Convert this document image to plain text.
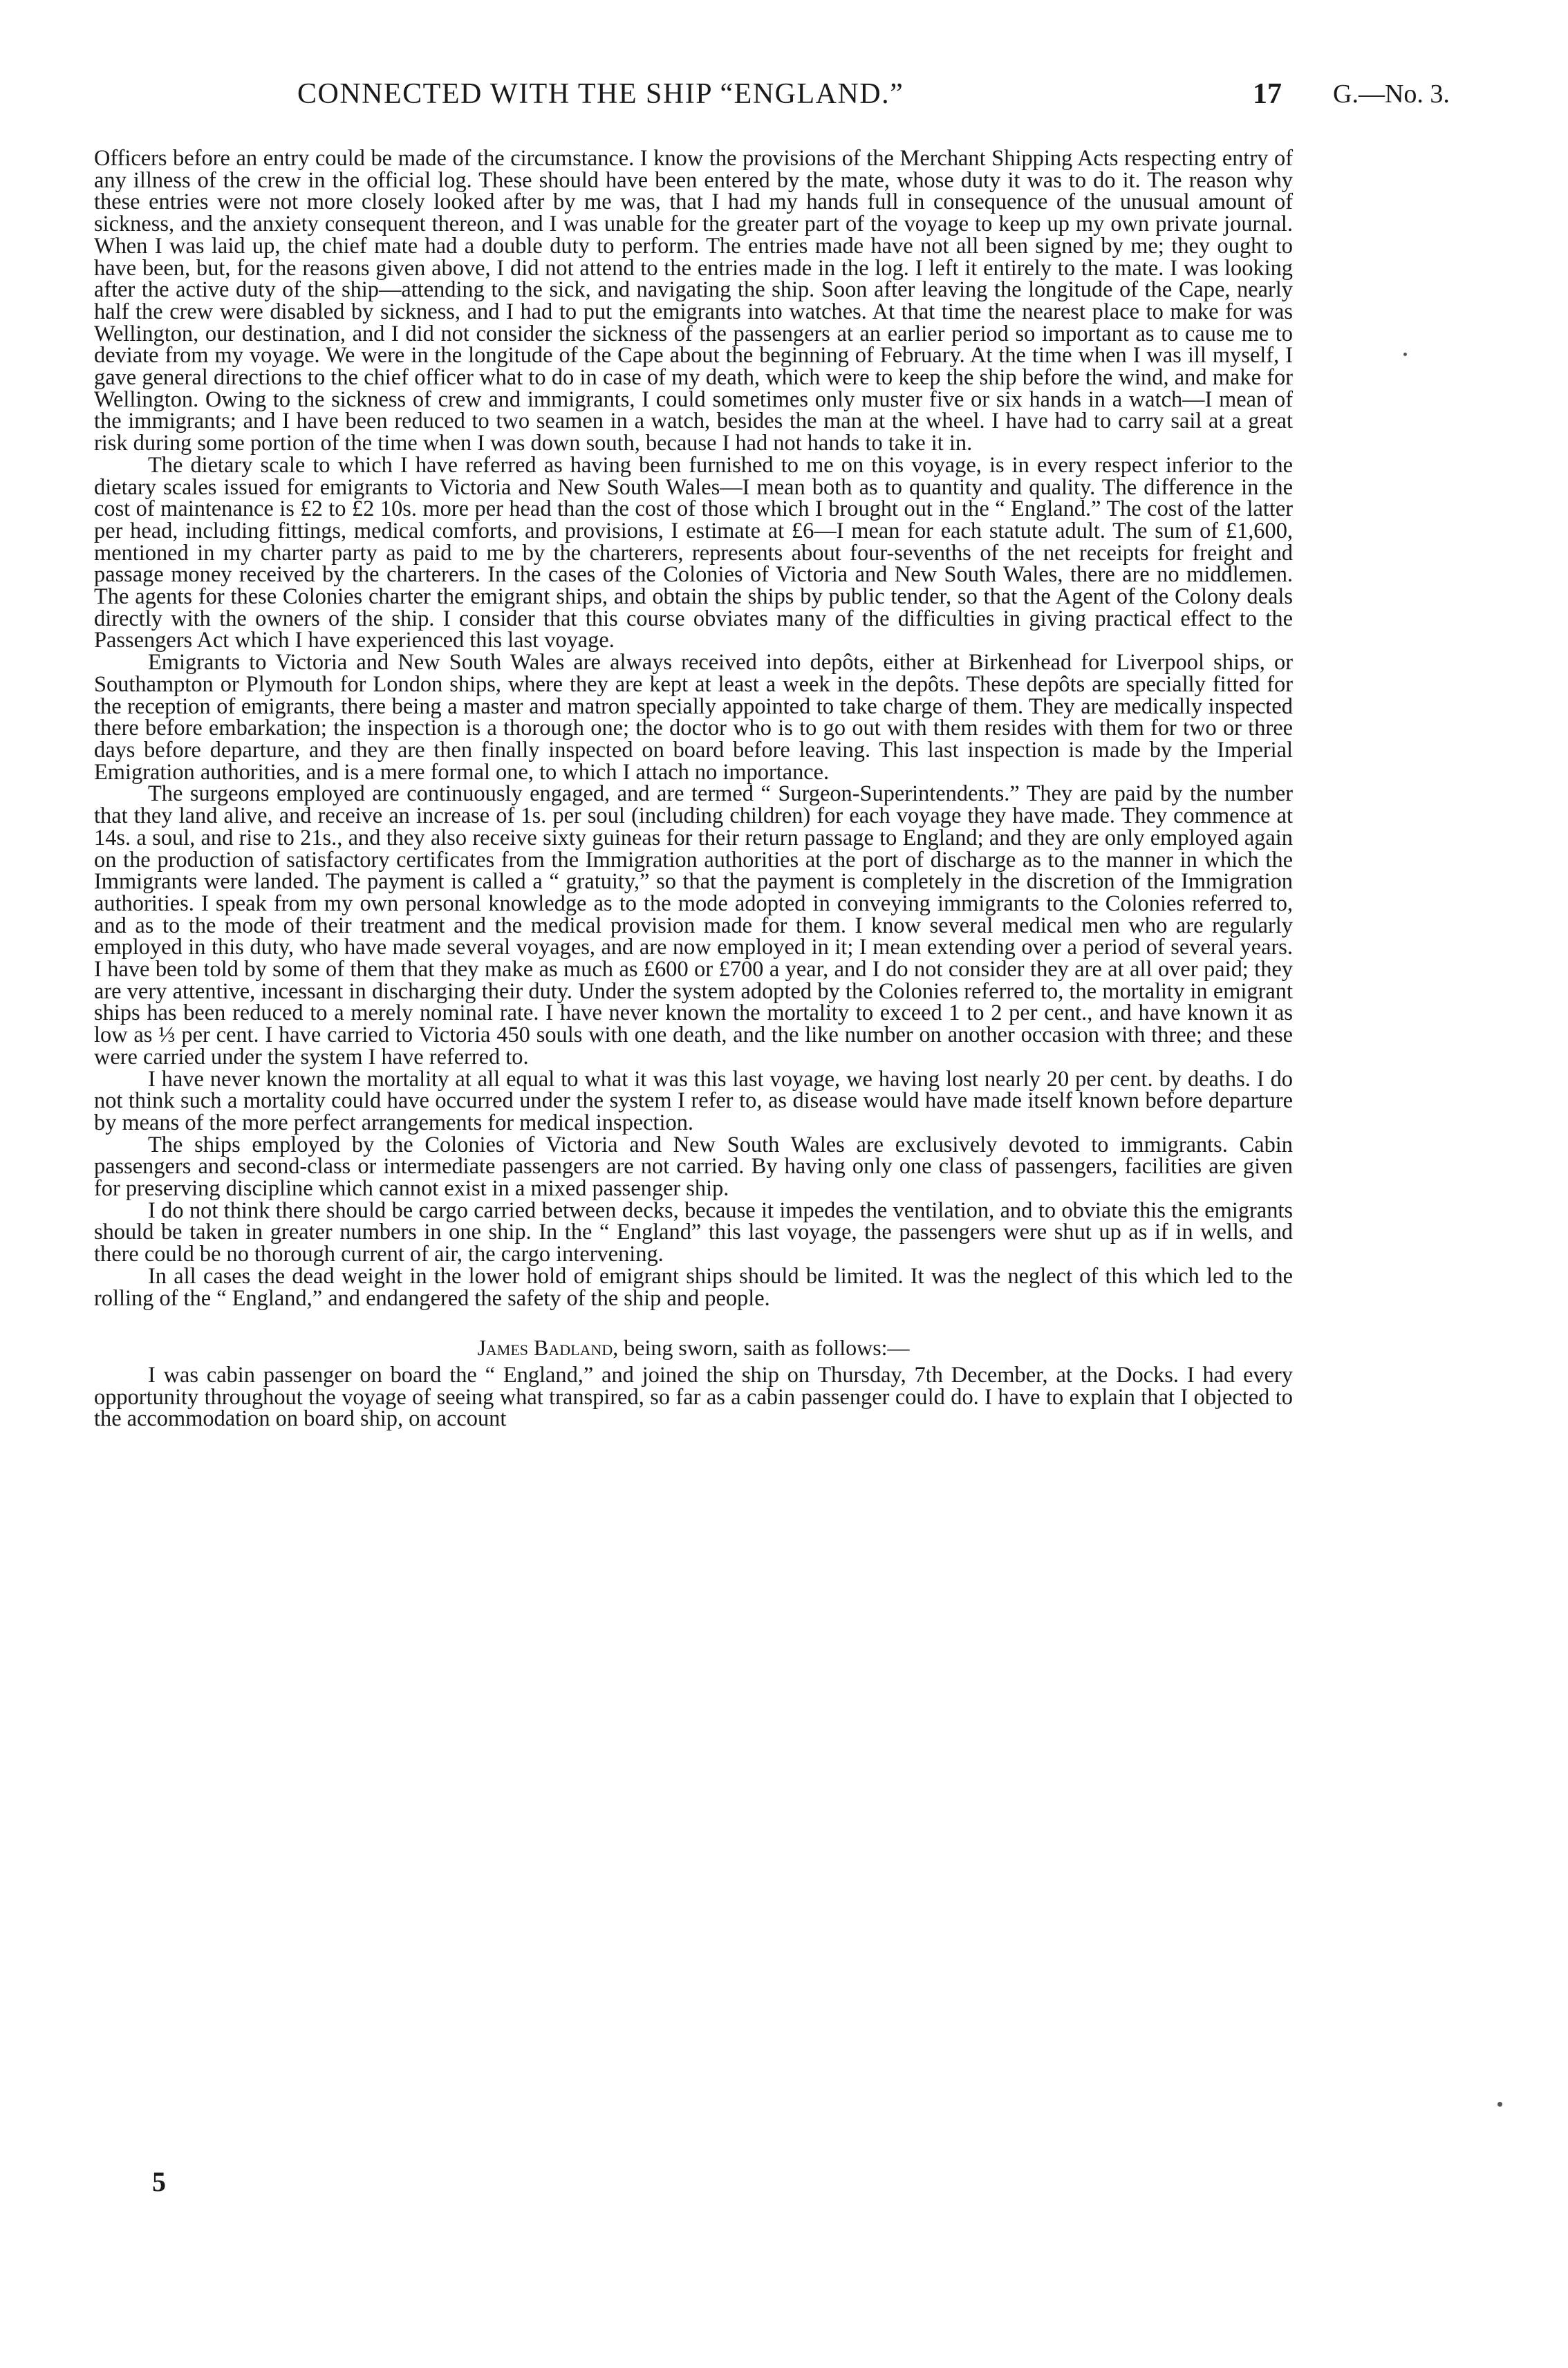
CONNECTED WITH THE SHIP “ENGLAND.”	17 G.—No. 3.

Officers before an entry could be made of the circumstance. I know the provisions of the Merchant Shipping Acts respecting entry of any illness of the crew in the official log. These should have been entered by the mate, whose duty it was to do it. The reason why these entries were not more closely looked after by me was, that I had my hands full in consequence of the unusual amount of sickness, and the anxiety consequent thereon, and I was unable for the greater part of the voyage to keep up my own private journal. When I was laid up, the chief mate had a double duty to perform. The entries made have not all been signed by me; they ought to have been, but, for the reasons given above, I did not attend to the entries made in the log. I left it entirely to the mate. I was looking after the active duty of the ship—attending to the sick, and navigating the ship. Soon after leaving the longitude of the Cape, nearly half the crew were disabled by sickness, and I had to put the emigrants into watches. At that time the nearest place to make for was Wellington, our destination, and I did not consider the sickness of the passengers at an earlier period so important as to cause me to deviate from my voyage. We were in the longitude of the Cape about the beginning of February. At the time when I was ill myself, I gave general directions to the chief officer what to do in case of my death, which were to keep the ship before the wind, and make for Wellington. Owing to the sickness of crew and immigrants, I could sometimes only muster five or six hands in a watch—I mean of the immigrants; and I have been reduced to two seamen in a watch, besides the man at the wheel. I have had to carry sail at a great risk during some portion of the time when I was down south, because I had not hands to take it in.

The dietary scale to which I have referred as having been furnished to me on this voyage, is in every respect inferior to the dietary scales issued for emigrants to Victoria and New South Wales—I mean both as to quantity and quality. The difference in the cost of maintenance is £2 to £2 10s. more per head than the cost of those which I brought out in the “ England.” The cost of the latter per head, including fittings, medical comforts, and provisions, I estimate at £6—I mean for each statute adult. The sum of £1,600, mentioned in my charter party as paid to me by the charterers, represents about four-sevenths of the net receipts for freight and passage money received by the charterers. In the cases of the Colonies of Victoria and New South Wales, there are no middlemen. The agents for these Colonies charter the emigrant ships, and obtain the ships by public tender, so that the Agent of the Colony deals directly with the owners of the ship. I consider that this course obviates many of the difficulties in giving practical effect to the Passengers Act which I have experienced this last voyage.

Emigrants to Victoria and New South Wales are always received into depôts, either at Birkenhead for Liverpool ships, or Southampton or Plymouth for London ships, where they are kept at least a week in the depôts. These depôts are specially fitted for the reception of emigrants, there being a master and matron specially appointed to take charge of them. They are medically inspected there before embarkation; the inspection is a thorough one; the doctor who is to go out with them resides with them for two or three days before departure, and they are then finally inspected on board before leaving. This last inspection is made by the Imperial Emigration authorities, and is a mere formal one, to which I attach no importance.

The surgeons employed are continuously engaged, and are termed “ Surgeon-Superintendents.” They are paid by the number that they land alive, and receive an increase of 1s. per soul (including children) for each voyage they have made. They commence at 14s. a soul, and rise to 21s., and they also receive sixty guineas for their return passage to England; and they are only employed again on the production of satisfactory certificates from the Immigration authorities at the port of discharge as to the manner in which the Immigrants were landed. The payment is called a “ gratuity,” so that the payment is completely in the discretion of the Immigration authorities. I speak from my own personal knowledge as to the mode adopted in conveying immigrants to the Colonies referred to, and as to the mode of their treatment and the medical provision made for them. I know several medical men who are regularly employed in this duty, who have made several voyages, and are now employed in it; I mean extending over a period of several years. I have been told by some of them that they make as much as £600 or £700 a year, and I do not consider they are at all over paid; they are very attentive, incessant in discharging their duty. Under the system adopted by the Colonies referred to, the mortality in emigrant ships has been reduced to a merely nominal rate. I have never known the mortality to exceed 1 to 2 per cent., and have known it as low as ⅓ per cent. I have carried to Victoria 450 souls with one death, and the like number on another occasion with three; and these were carried under the system I have referred to.

I have never known the mortality at all equal to what it was this last voyage, we having lost nearly 20 per cent. by deaths. I do not think such a mortality could have occurred under the system I refer to, as disease would have made itself known before departure by means of the more perfect arrangements for medical inspection.

The ships employed by the Colonies of Victoria and New South Wales are exclusively devoted to immigrants. Cabin passengers and second-class or intermediate passengers are not carried. By having only one class of passengers, facilities are given for preserving discipline which cannot exist in a mixed passenger ship.

I do not think there should be cargo carried between decks, because it impedes the ventilation, and to obviate this the emigrants should be taken in greater numbers in one ship. In the “ England” this last voyage, the passengers were shut up as if in wells, and there could be no thorough current of air, the cargo intervening.

In all cases the dead weight in the lower hold of emigrant ships should be limited. It was the neglect of this which led to the rolling of the “ England,” and endangered the safety of the ship and people.

James Badland, being sworn, saith as follows:—

I was cabin passenger on board the “ England,” and joined the ship on Thursday, 7th December, at the Docks. I had every opportunity throughout the voyage of seeing what transpired, so far as a cabin passenger could do. I have to explain that I objected to the accommodation on board ship, on account

5
